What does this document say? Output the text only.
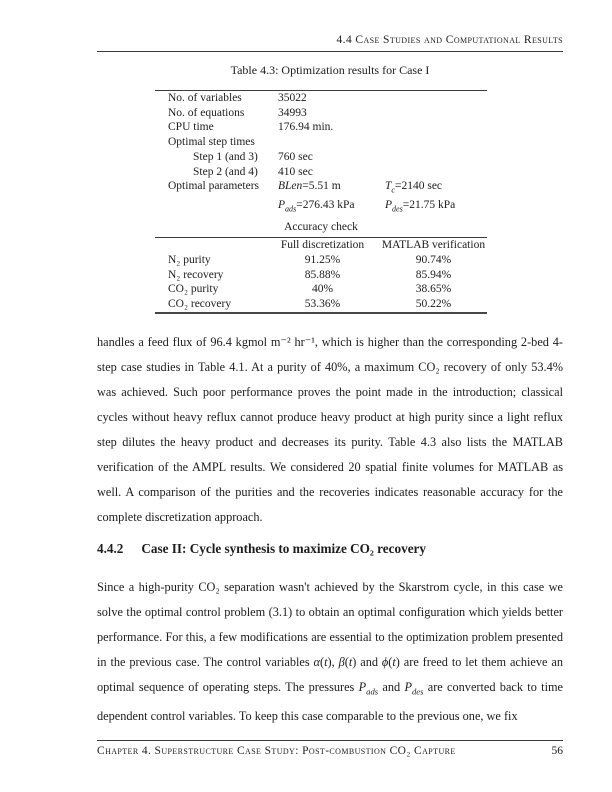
4.4 Case Studies and Computational Results
Table 4.3: Optimization results for Case I
No. of variables	35022	
No. of equations	34993	
CPU time	176.94 min.	
Optimal step times		
Step 1 (and 3)	760 sec	
Step 2 (and 4)	410 sec	
Optimal parameters	BLen=5.51 m	$T_c=2140$ sec
	$P_{ads}=276.43$ kPa	$P_{des}=21.75$ kPa
Accuracy check
	Full discretization	MATLAB verification
N₂ purity	91.25%	90.74%
N₂ recovery	85.88%	85.94%
CO₂ purity	40%	38.65%
CO₂ recovery	53.36%	50.22%

handles a feed flux of 96.4 kgmol m⁻² hr⁻¹, which is higher than the corresponding 2-bed 4-step case studies in Table 4.1. At a purity of 40%, a maximum CO₂ recovery of only 53.4% was achieved. Such poor performance proves the point made in the introduction; classical cycles without heavy reflux cannot produce heavy product at high purity since a light reflux step dilutes the heavy product and decreases its purity. Table 4.3 also lists the MATLAB verification of the AMPL results. We considered 20 spatial finite volumes for MATLAB as well. A comparison of the purities and the recoveries indicates reasonable accuracy for the complete discretization approach.

4.4.2 Case II: Cycle synthesis to maximize CO₂ recovery

Since a high-purity CO₂ separation wasn't achieved by the Skarstrom cycle, in this case we solve the optimal control problem (3.1) to obtain an optimal configuration which yields better performance. For this, a few modifications are essential to the optimization problem presented in the previous case. The control variables α(t), β(t) and ϕ(t) are freed to let them achieve an optimal sequence of operating steps. The pressures $P_{ads}$ and $P_{des}$ are converted back to time dependent control variables. To keep this case comparable to the previous one, we fix

Chapter 4. Superstructure Case Study: Post-combustion CO₂ Capture	56
